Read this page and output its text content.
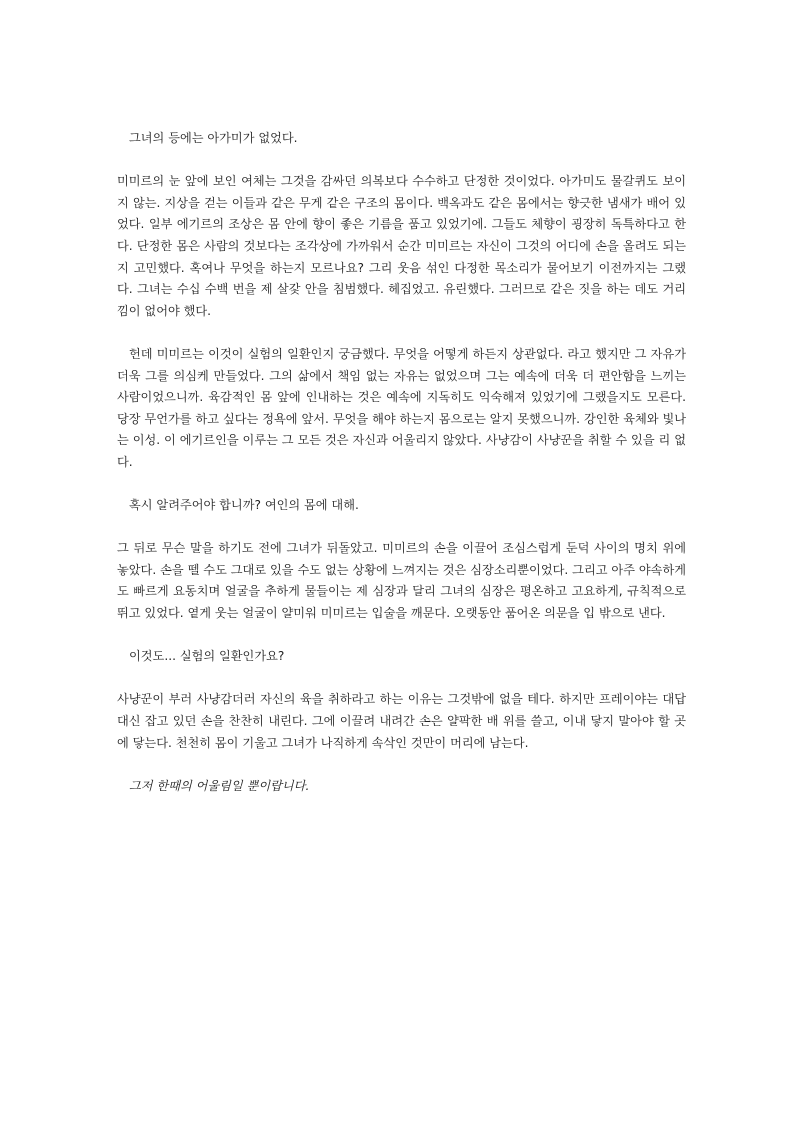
그녀의 등에는 아가미가 없었다.

미미르의 눈 앞에 보인 여체는 그것을 감싸던 의복보다 수수하고 단정한 것이었다. 아가미도 물갈퀴도 보이지 않는. 지상을 걷는 이들과 같은 무게 같은 구조의 몸이다. 백옥과도 같은 몸에서는 향긋한 냄새가 배어 있었다. 일부 에기르의 조상은 몸 안에 향이 좋은 기름을 품고 있었기에. 그들도 체향이 굉장히 독특하다고 한다. 단정한 몸은 사람의 것보다는 조각상에 가까워서 순간 미미르는 자신이 그것의 어디에 손을 올려도 되는지 고민했다. 혹여나 무엇을 하는지 모르나요? 그리 웃음 섞인 다정한 목소리가 물어보기 이전까지는 그랬다. 그녀는 수십 수백 번을 제 살갗 안을 침범했다. 헤집었고. 유린했다. 그러므로 같은 짓을 하는 데도 거리낌이 없어야 했다.

헌데 미미르는 이것이 실험의 일환인지 궁금했다. 무엇을 어떻게 하든지 상관없다. 라고 했지만 그 자유가 더욱 그를 의심케 만들었다. 그의 삶에서 책임 없는 자유는 없었으며 그는 예속에 더욱 더 편안함을 느끼는 사람이었으니까. 육감적인 몸 앞에 인내하는 것은 예속에 지독히도 익숙해져 있었기에 그랬을지도 모른다. 당장 무언가를 하고 싶다는 정욕에 앞서. 무엇을 해야 하는지 몸으로는 알지 못했으니까. 강인한 육체와 빛나는 이성. 이 에기르인을 이루는 그 모든 것은 자신과 어울리지 않았다. 사냥감이 사냥꾼을 취할 수 있을 리 없다.

혹시 알려주어야 합니까? 여인의 몸에 대해.

그 뒤로 무슨 말을 하기도 전에 그녀가 뒤돌았고. 미미르의 손을 이끌어 조심스럽게 둔덕 사이의 명치 위에 놓았다. 손을 뗄 수도 그대로 있을 수도 없는 상황에 느껴지는 것은 심장소리뿐이었다. 그리고 아주 야속하게도 빠르게 요동치며 얼굴을 추하게 물들이는 제 심장과 달리 그녀의 심장은 평온하고 고요하게, 규칙적으로 뛰고 있었다. 옅게 웃는 얼굴이 얄미워 미미르는 입술을 깨문다. 오랫동안 품어온 의문을 입 밖으로 낸다.

이것도... 실험의 일환인가요?

사냥꾼이 부러 사냥감더러 자신의 육을 취하라고 하는 이유는 그것밖에 없을 테다. 하지만 프레이야는 대답 대신 잡고 있던 손을 찬찬히 내린다. 그에 이끌려 내려간 손은 얄팍한 배 위를 쓸고, 이내 닿지 말아야 할 곳에 닿는다. 천천히 몸이 기울고 그녀가 나직하게 속삭인 것만이 머리에 남는다.

그저 한때의 어울림일 뿐이랍니다.
